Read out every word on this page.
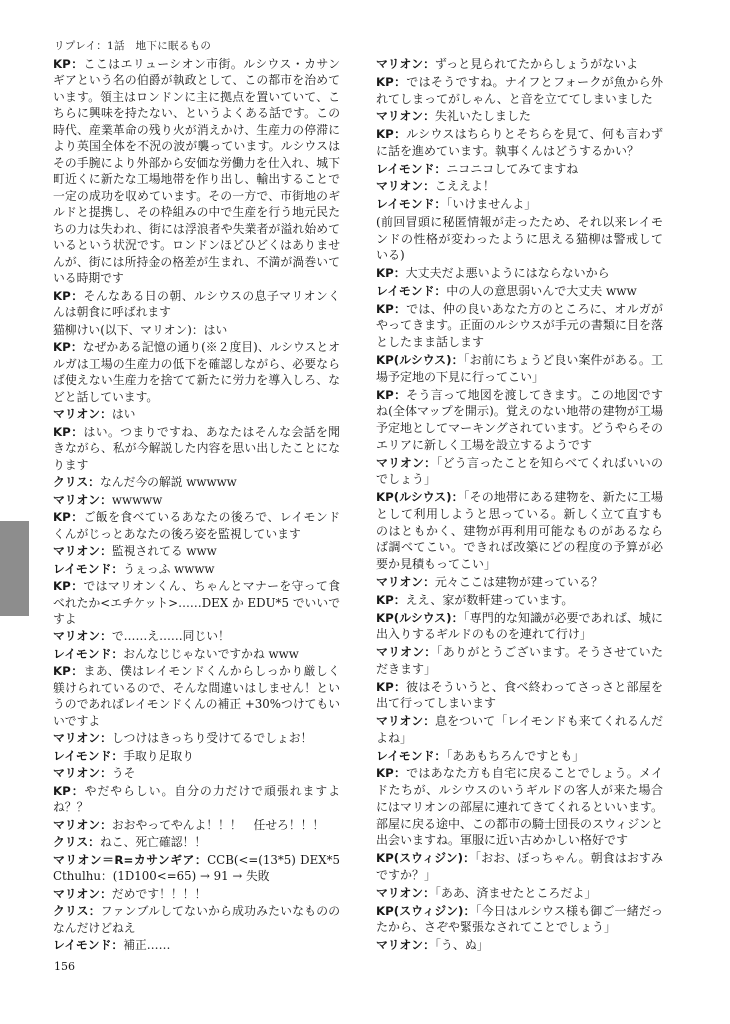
リプレイ：1話　地下に眠るもの

KP：ここはエリューシオン市街。ルシウス・カサンギアという名の伯爵が執政として、この都市を治めています。領主はロンドンに主に拠点を置いていて、こちらに興味を持たない、というよくある話です。この時代、産業革命の残り火が消えかけ、生産力の停滞により英国全体を不況の波が襲っています。ルシウスはその手腕により外部から安価な労働力を仕入れ、城下町近くに新たな工場地帯を作り出し、輸出することで一定の成功を収めています。その一方で、市街地のギルドと提携し、その枠組みの中で生産を行う地元民たちの力は失われ、街には浮浪者や失業者が溢れ始めているという状況です。ロンドンほどひどくはありませんが、街には所持金の格差が生まれ、不満が渦巻いている時期です

KP：そんなある日の朝、ルシウスの息子マリオンくんは朝食に呼ばれます

猫柳けい(以下、マリオン)：はい

KP：なぜかある記憶の通り(※２度目)、ルシウスとオルガは工場の生産力の低下を確認しながら、必要ならば使えない生産力を捨てて新たに労力を導入しろ、などと話しています。

マリオン：はい

KP：はい。つまりですね、あなたはそんな会話を聞きながら、私が今解説した内容を思い出したことになります

クリス：なんだ今の解説 wwwww

マリオン：wwwww

KP：ご飯を食べているあなたの後ろで、レイモンドくんがじっとあなたの後ろ姿を監視しています

マリオン：監視されてる www

レイモンド：うぇっふ wwww

KP：ではマリオンくん、ちゃんとマナーを守って食べれたか<エチケット>……DEX か EDU*5 でいいですよ

マリオン：で……え……同じい！

レイモンド：おんなじじゃないですかね www

KP：まあ、僕はレイモンドくんからしっかり厳しく躾けられているので、そんな間違いはしません！というのであればレイモンドくんの補正 +30%つけてもいいですよ

マリオン：しつけはきっちり受けてるでしょお！

レイモンド：手取り足取り

マリオン：うそ

KP：やだやらしい。自分の力だけで頑張れますよね？？

マリオン：おおやってやんよ！！！　任せろ！！！

クリス：ねこ、死亡確認！！

マリオン＝R=カサンギア：CCB(<=(13*5) DEX*5 Cthulhu：(1D100<=65) → 91 → 失敗

マリオン：だめです！！！！

クリス：ファンブルしてないから成功みたいなもののなんだけどねえ

レイモンド：補正……

マリオン：ずっと見られてたからしょうがないよ

KP：ではそうですね。ナイフとフォークが魚から外れてしまってがしゃん、と音を立ててしまいました

マリオン：失礼いたしました

KP：ルシウスはちらりとそちらを見て、何も言わずに話を進めています。執事くんはどうするかい？

レイモンド：ニコニコしてみてますね

マリオン：こええよ！

レイモンド：「いけませんよ」

(前回冒頭に秘匿情報が走ったため、それ以来レイモンドの性格が変わったように思える猫柳は警戒している)

KP：大丈夫だよ悪いようにはならないから

レイモンド：中の人の意思弱いんで大丈夫 www

KP：では、仲の良いあなた方のところに、オルガがやってきます。正面のルシウスが手元の書類に目を落としたまま話します

KP(ルシウス)：「お前にちょうど良い案件がある。工場予定地の下見に行ってこい」

KP：そう言って地図を渡してきます。この地図ですね(全体マップを開示)。覚えのない地帯の建物が工場予定地としてマーキングされています。どうやらそのエリアに新しく工場を設立するようです

マリオン：「どう言ったことを知らべてくればいいのでしょう」

KP(ルシウス)：「その地帯にある建物を、新たに工場として利用しようと思っている。新しく立て直すものはともかく、建物が再利用可能なものがあるならば調べてこい。できれば改築にどの程度の予算が必要か見積もってこい」

マリオン：元々ここは建物が建っている？

KP：ええ、家が数軒建っています。

KP(ルシウス)：「専門的な知識が必要であれば、城に出入りするギルドのものを連れて行け」

マリオン：「ありがとうございます。そうさせていただきます」

KP：彼はそういうと、食べ終わってさっさと部屋を出て行ってしまいます

マリオン：息をついて「レイモンドも来てくれるんだよね」

レイモンド：「ああもちろんですとも」

KP：ではあなた方も自宅に戻ることでしょう。メイドたちが、ルシウスのいうギルドの客人が来た場合にはマリオンの部屋に連れてきてくれるといいます。部屋に戻る途中、この都市の騎士団長のスウィジンと出会いますね。軍服に近い古めかしい格好です

KP(スウィジン)：「おお、ぼっちゃん。朝食はおすみですか？」

マリオン：「ああ、済ませたところだよ」

KP(スウィジン)：「今日はルシウス様も御ご一緒だったから、さぞや緊張なされてことでしょう」

マリオン：「う、ぬ」

156
